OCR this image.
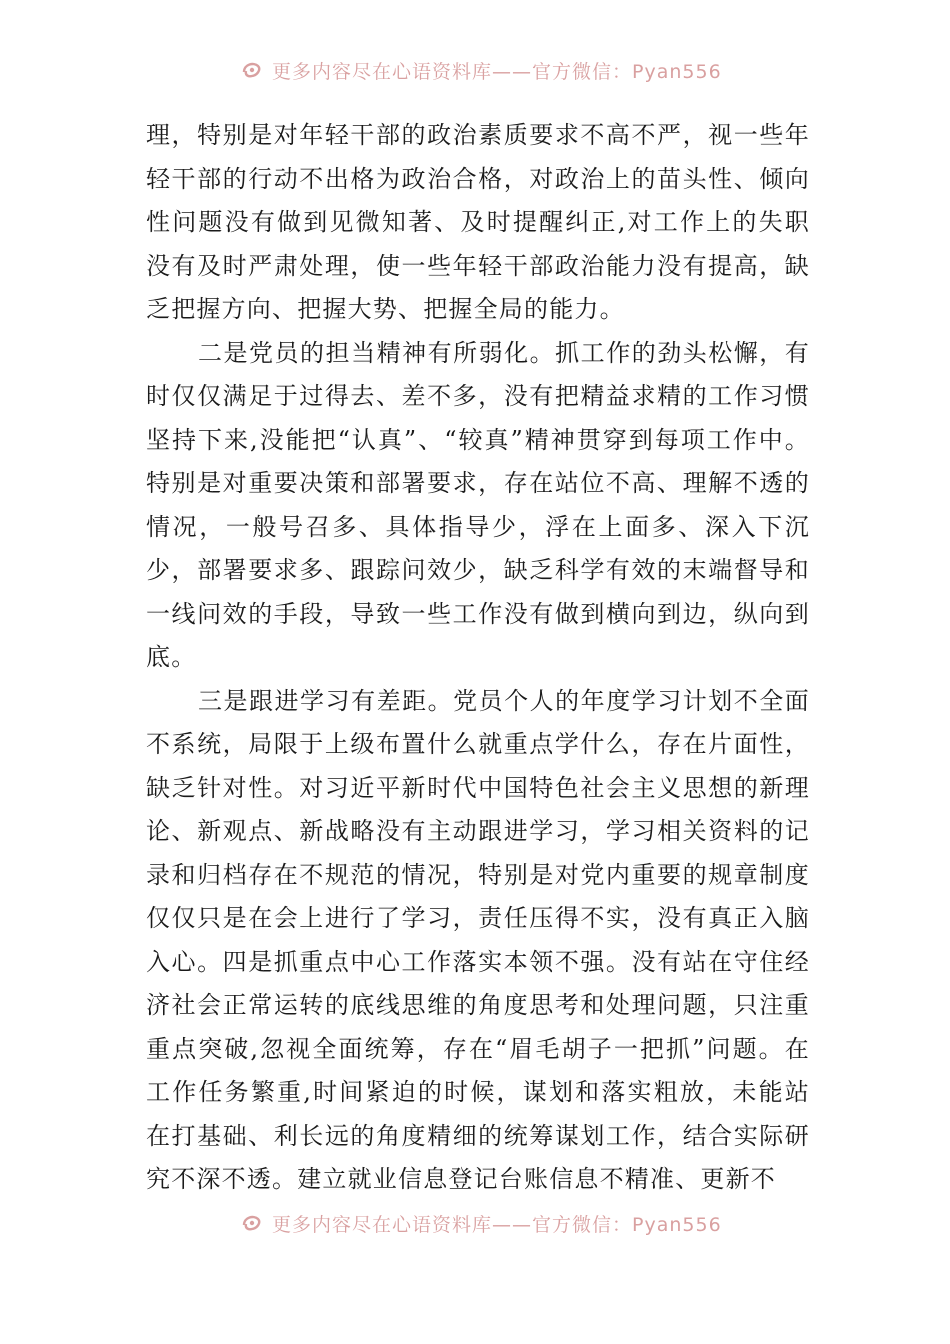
更多内容尽在心语资料库——官方微信：Pyan556

理，特别是对年轻干部的政治素质要求不高不严，视一些年轻干部的行动不出格为政治合格，对政治上的苗头性、倾向性问题没有做到见微知著、及时提醒纠正,对工作上的失职没有及时严肃处理，使一些年轻干部政治能力没有提高，缺乏把握方向、把握大势、把握全局的能力。

二是党员的担当精神有所弱化。抓工作的劲头松懈，有时仅仅满足于过得去、差不多，没有把精益求精的工作习惯坚持下来,没能把“认真”、“较真”精神贯穿到每项工作中。特别是对重要决策和部署要求，存在站位不高、理解不透的情况，一般号召多、具体指导少，浮在上面多、深入下沉少，部署要求多、跟踪问效少，缺乏科学有效的末端督导和一线问效的手段，导致一些工作没有做到横向到边，纵向到底。

三是跟进学习有差距。党员个人的年度学习计划不全面不系统，局限于上级布置什么就重点学什么，存在片面性，缺乏针对性。对习近平新时代中国特色社会主义思想的新理论、新观点、新战略没有主动跟进学习，学习相关资料的记录和归档存在不规范的情况，特别是对党内重要的规章制度仅仅只是在会上进行了学习，责任压得不实，没有真正入脑入心。四是抓重点中心工作落实本领不强。没有站在守住经济社会正常运转的底线思维的角度思考和处理问题，只注重重点突破,忽视全面统筹，存在“眉毛胡子一把抓”问题。在工作任务繁重,时间紧迫的时候，谋划和落实粗放，未能站在打基础、利长远的角度精细的统筹谋划工作，结合实际研究不深不透。建立就业信息登记台账信息不精准、更新不

更多内容尽在心语资料库——官方微信：Pyan556
